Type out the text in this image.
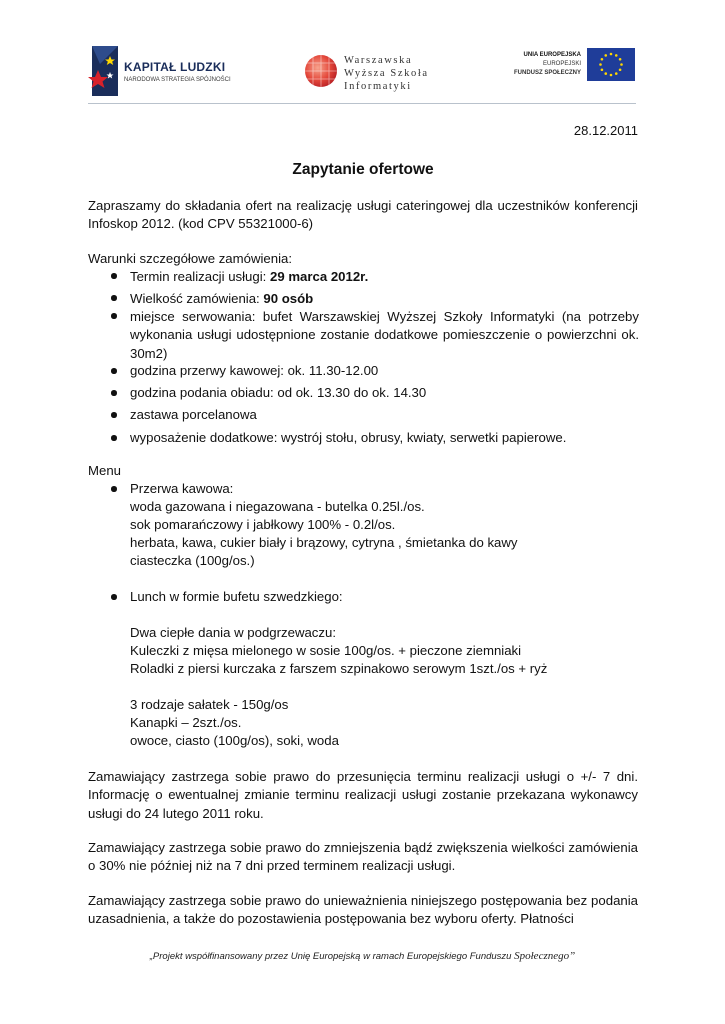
KAPITAŁ LUDZKI
NARODOWA STRATEGIA SPÓJNOŚCI
Warszawska
Wyższa Szkoła
Informatyki
UNIA EUROPEJSKA
EUROPEJSKI
FUNDUSZ SPOŁECZNY
28.12.2011
Zapytanie ofertowe
Zapraszamy do składania ofert na realizację usługi cateringowej dla uczestników konferencji Infoskop 2012. (kod CPV 55321000-6)
Warunki szczegółowe zamówienia:
Termin realizacji usługi: 29 marca 2012r.
Wielkość zamówienia: 90 osób
miejsce serwowania: bufet Warszawskiej Wyższej Szkoły Informatyki (na potrzeby wykonania usługi udostępnione zostanie dodatkowe pomieszczenie o powierzchni ok. 30m2)
godzina przerwy kawowej: ok. 11.30-12.00
godzina podania obiadu: od ok. 13.30 do ok. 14.30
zastawa porcelanowa
wyposażenie dodatkowe: wystrój stołu, obrusy, kwiaty, serwetki papierowe.
Menu
Przerwa kawowa:
woda gazowana i niegazowana - butelka 0.25l./os.
sok pomarańczowy i jabłkowy 100% - 0.2l/os.
herbata, kawa, cukier biały i brązowy, cytryna , śmietanka do kawy
ciasteczka (100g/os.)
Lunch w formie bufetu szwedzkiego:
Dwa ciepłe dania w podgrzewaczu:
Kuleczki z mięsa mielonego w sosie 100g/os. + pieczone ziemniaki
Roladki z piersi kurczaka z farszem szpinakowo serowym 1szt./os + ryż
3 rodzaje sałatek - 150g/os
Kanapki – 2szt./os.
owoce, ciasto (100g/os), soki, woda
Zamawiający zastrzega sobie prawo do przesunięcia terminu realizacji usługi o +/- 7 dni. Informację o ewentualnej zmianie terminu realizacji usługi zostanie przekazana wykonawcy usługi do 24 lutego 2011 roku.
Zamawiający zastrzega sobie prawo do zmniejszenia bądź zwiększenia wielkości zamówienia o 30% nie później niż na 7 dni przed terminem realizacji usługi.
Zamawiający zastrzega sobie prawo do unieważnienia niniejszego postępowania bez podania uzasadnienia, a także do pozostawienia postępowania bez wyboru oferty. Płatności
„Projekt współfinansowany przez Unię Europejską w ramach Europejskiego Funduszu Społecznego”
